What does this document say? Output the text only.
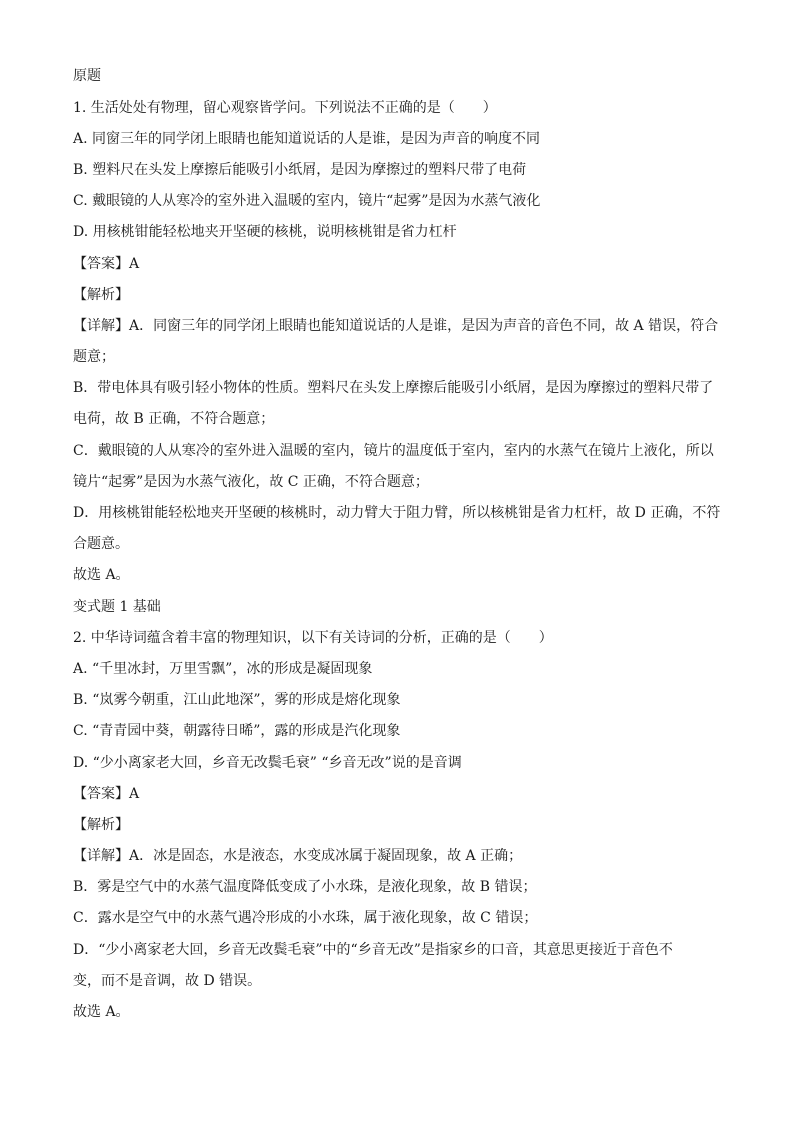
原题
1. 生活处处有物理，留心观察皆学问。下列说法不正确的是（　　）
A. 同窗三年的同学闭上眼睛也能知道说话的人是谁，是因为声音的响度不同
B. 塑料尺在头发上摩擦后能吸引小纸屑，是因为摩擦过的塑料尺带了电荷
C. 戴眼镜的人从寒冷的室外进入温暖的室内，镜片“起雾”是因为水蒸气液化
D. 用核桃钳能轻松地夹开坚硬的核桃，说明核桃钳是省力杠杆
【答案】A
【解析】
【详解】A．同窗三年的同学闭上眼睛也能知道说话的人是谁，是因为声音的音色不同，故 A 错误，符合
题意；
B．带电体具有吸引轻小物体的性质。塑料尺在头发上摩擦后能吸引小纸屑，是因为摩擦过的塑料尺带了
电荷，故 B 正确，不符合题意；
C．戴眼镜的人从寒冷的室外进入温暖的室内，镜片的温度低于室内，室内的水蒸气在镜片上液化，所以
镜片“起雾”是因为水蒸气液化，故 C 正确，不符合题意；
D．用核桃钳能轻松地夹开坚硬的核桃时，动力臂大于阻力臂，所以核桃钳是省力杠杆，故 D 正确，不符
合题意。
故选 A。
变式题 1 基础
2. 中华诗词蕴含着丰富的物理知识，以下有关诗词的分析，正确的是（　　）
A. “千里冰封，万里雪飘”，冰的形成是凝固现象
B. “岚雾今朝重，江山此地深”，雾的形成是熔化现象
C. “青青园中葵，朝露待日晞”，露的形成是汽化现象
D. “少小离家老大回，乡音无改鬓毛衰” “乡音无改”说的是音调
【答案】A
【解析】
【详解】A．冰是固态，水是液态，水变成冰属于凝固现象，故 A 正确；
B．雾是空气中的水蒸气温度降低变成了小水珠，是液化现象，故 B 错误；
C．露水是空气中的水蒸气遇冷形成的小水珠，属于液化现象，故 C 错误；
D．“少小离家老大回，乡音无改鬓毛衰”中的“乡音无改”是指家乡的口音，其意思更接近于音色不
变，而不是音调，故 D 错误。
故选 A。
